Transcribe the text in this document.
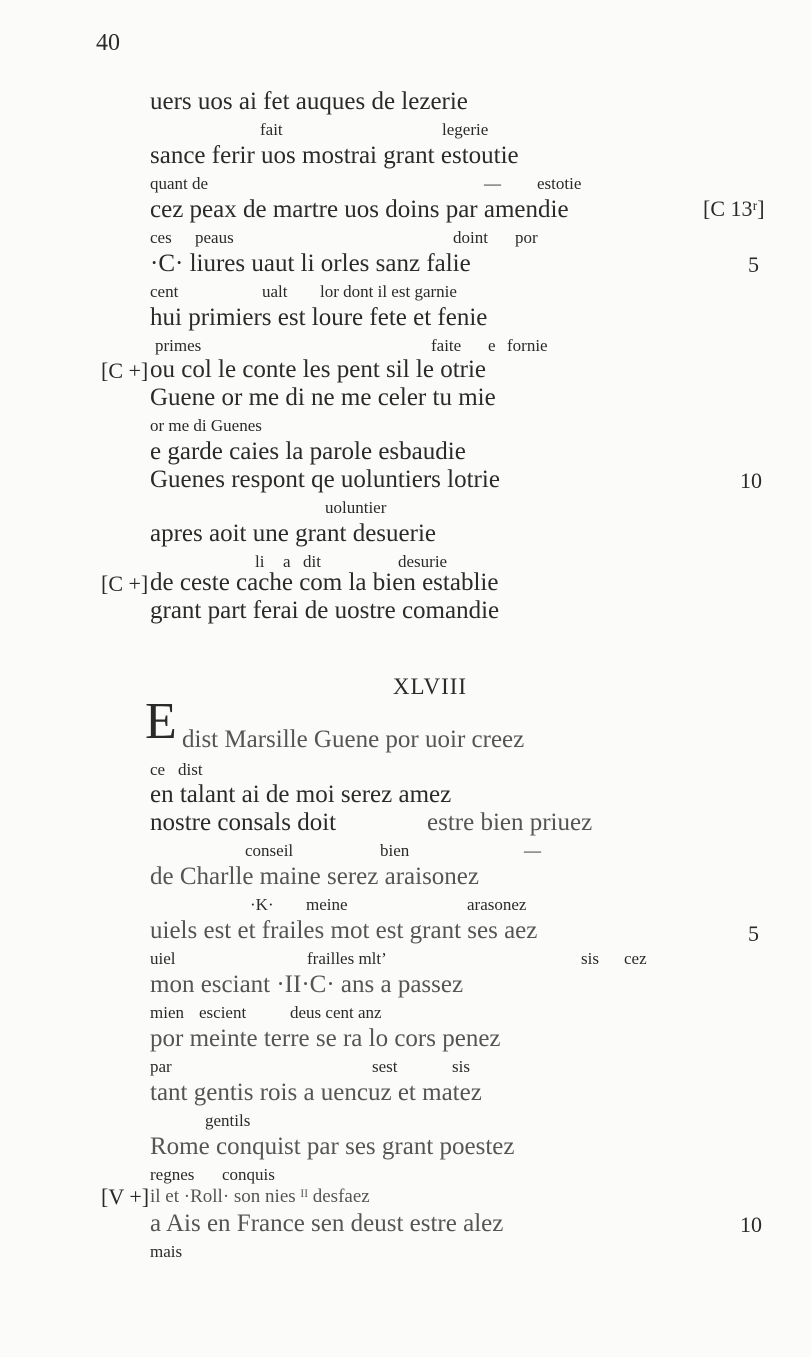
40
uers uos ai fet auques de lezerie
fait	legerie
sance ferir uos mostrai grant estoutie
quant de	— estotie
cez peax de martre uos doins par amendie	[C 13ʳ]
ces peaus	doint por
·C· liures uaut li orles sanz falie	5
cent	ualt lor dont il est garnie
hui primiers est loure fete et fenie
primes	faite e fornie
[C +] ou col le conte les pent sil le otrie
Guene or me di ne me celer tu mie
or me di Guenes
e garde caies la parole esbaudie
Guenes respont qe uoluntiers lotrie	10
uoluntier
apres aoit une grant desuerie
li a dit	desurie
[C +] de ceste cache com la bien establie
grant part ferai de uostre comandie
XLVIII
E dist Marsille Guene por uoir creez
ce dist
en talant ai de moi serez amez
nostre consals doit	estre bien priuez
conseil	bien	—
de Charlle maine serez araisonez
·K· meine	arasonez
uiels est et frailes mot est grant ses aez	5
uiel	frailles mlt’	sis cez
mon esciant ·II·C· ans a passez
mien escient	deus cent anz
por meinte terre se ra lo cors penez
par	sest	sis
tant gentis rois a uencuz et matez
gentils
Rome conquist par ses grant poestez
regnes conquis
[V +] il et ·Roll· son nies ᴵᴵ desfaez
a Ais en France sen deust estre alez	10
mais
